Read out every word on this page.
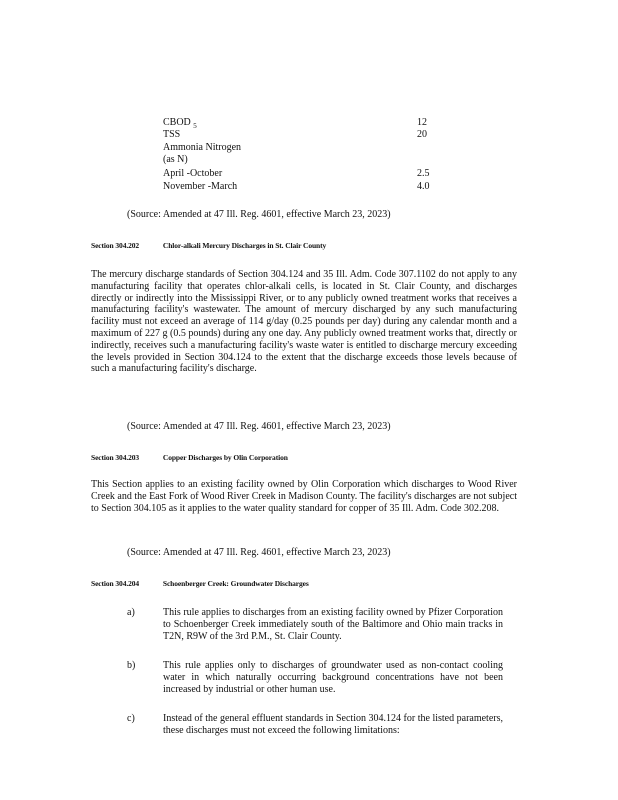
CBOD $_5$	12
TSS	20
Ammonia Nitrogen
(as N)
April -October	2.5
November -March	4.0
(Source: Amended at 47 Ill. Reg. 4601, effective March 23, 2023)
Section 304.202	Chlor-alkali Mercury Discharges in St. Clair County
The mercury discharge standards of Section 304.124 and 35 Ill. Adm. Code 307.1102 do not apply to any manufacturing facility that operates chlor-alkali cells, is located in St. Clair County, and discharges directly or indirectly into the Mississippi River, or to any publicly owned treatment works that receives a manufacturing facility's wastewater. The amount of mercury discharged by any such manufacturing facility must not exceed an average of 114 g/day (0.25 pounds per day) during any calendar month and a maximum of 227 g (0.5 pounds) during any one day. Any publicly owned treatment works that, directly or indirectly, receives such a manufacturing facility's waste water is entitled to discharge mercury exceeding the levels provided in Section 304.124 to the extent that the discharge exceeds those levels because of such a manufacturing facility's discharge.
(Source: Amended at 47 Ill. Reg. 4601, effective March 23, 2023)
Section 304.203	Copper Discharges by Olin Corporation
This Section applies to an existing facility owned by Olin Corporation which discharges to Wood River Creek and the East Fork of Wood River Creek in Madison County. The facility's discharges are not subject to Section 304.105 as it applies to the water quality standard for copper of 35 Ill. Adm. Code 302.208.
(Source: Amended at 47 Ill. Reg. 4601, effective March 23, 2023)
Section 304.204	Schoenberger Creek: Groundwater Discharges
a)	This rule applies to discharges from an existing facility owned by Pfizer Corporation to Schoenberger Creek immediately south of the Baltimore and Ohio main tracks in T2N, R9W of the 3rd P.M., St. Clair County.
b)	This rule applies only to discharges of groundwater used as non-contact cooling water in which naturally occurring background concentrations have not been increased by industrial or other human use.
c)	Instead of the general effluent standards in Section 304.124 for the listed parameters, these discharges must not exceed the following limitations:
